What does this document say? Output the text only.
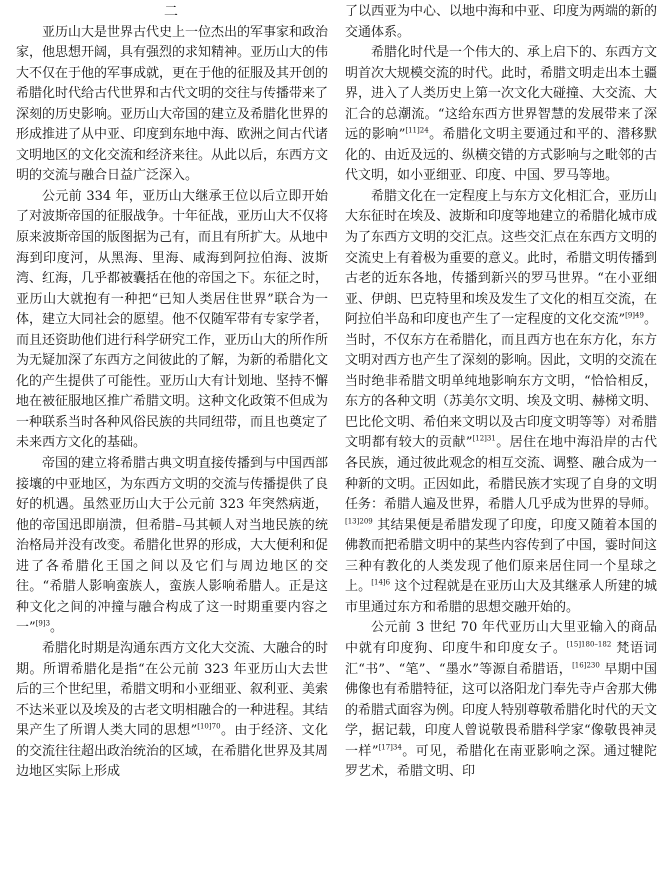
二

亚历山大是世界古代史上一位杰出的军事家和政治家，他思想开阔，具有强烈的求知精神。亚历山大的伟大不仅在于他的军事成就，更在于他的征服及其开创的希腊化时代给古代世界和古代文明的交往与传播带来了深刻的历史影响。亚历山大帝国的建立及希腊化世界的形成推进了从中亚、印度到东地中海、欧洲之间古代诸文明地区的文化交流和经济来往。从此以后，东西方文明的交流与融合日益广泛深入。

公元前 334 年，亚历山大继承王位以后立即开始了对波斯帝国的征服战争。十年征战，亚历山大不仅将原来波斯帝国的版图据为己有，而且有所扩大。从地中海到印度河，从黑海、里海、咸海到阿拉伯海、波斯湾、红海，几乎都被囊括在他的帝国之下。东征之时，亚历山大就抱有一种把“已知人类居住世界”联合为一体，建立大同社会的愿望。他不仅随军带有专家学者，而且还资助他们进行科学研究工作，亚历山大的所作所为无疑加深了东西方之间彼此的了解，为新的希腊化文化的产生提供了可能性。亚历山大有计划地、坚持不懈地在被征服地区推广希腊文明。这种文化政策不但成为一种联系当时各种风俗民族的共同纽带，而且也奠定了未来西方文化的基础。

帝国的建立将希腊古典文明直接传播到与中国西部接壤的中亚地区，为东西方文明的交流与传播提供了良好的机遇。虽然亚历山大于公元前 323 年突然病逝，他的帝国迅即崩溃，但希腊–马其顿人对当地民族的统治格局并没有改变。希腊化世界的形成，大大便利和促进了各希腊化王国之间以及它们与周边地区的交往。“希腊人影响蛮族人，蛮族人影响希腊人。正是这种文化之间的冲撞与融合构成了这一时期重要内容之一”$^{[9]3}$。

希腊化时期是沟通东西方文化大交流、大融合的时期。所谓希腊化是指“在公元前 323 年亚历山大去世后的三个世纪里，希腊文明和小亚细亚、叙利亚、美索不达米亚以及埃及的古老文明相融合的一种进程。其结果产生了所谓人类大同的思想”$^{[10]70}$。由于经济、文化的交流往往超出政治统治的区域，在希腊化世界及其周边地区实际上形成

了以西亚为中心、以地中海和中亚、印度为两端的新的交通体系。

希腊化时代是一个伟大的、承上启下的、东西方文明首次大规模交流的时代。此时，希腊文明走出本土疆界，进入了人类历史上第一次文化大碰撞、大交流、大汇合的总潮流。“这给东西方世界智慧的发展带来了深远的影响”$^{[11]24}$。希腊化文明主要通过和平的、潜移默化的、由近及远的、纵横交错的方式影响与之毗邻的古代文明，如小亚细亚、印度、中国、罗马等地。

希腊文化在一定程度上与东方文化相汇合，亚历山大东征时在埃及、波斯和印度等地建立的希腊化城市成为了东西方文明的交汇点。这些交汇点在东西方文明的交流史上有着极为重要的意义。此时，希腊文明传播到古老的近东各地，传播到新兴的罗马世界。“在小亚细亚、伊朗、巴克特里和埃及发生了文化的相互交流，在阿拉伯半岛和印度也产生了一定程度的文化交流”$^{[9]49}$。当时，不仅东方在希腊化，而且西方也在东方化，东方文明对西方也产生了深刻的影响。因此，文明的交流在当时绝非希腊文明单纯地影响东方文明，“恰恰相反，东方的各种文明（苏美尔文明、埃及文明、赫梯文明、巴比伦文明、希伯来文明以及古印度文明等等）对希腊文明都有较大的贡献”$^{[12]31}$。居住在地中海沿岸的古代各民族，通过彼此观念的相互交流、调整、融合成为一种新的文明。正因如此，希腊民族才实现了自身的文明任务：希腊人遍及世界，希腊人几乎成为世界的导师。$^{[13]209}$ 其结果便是希腊发现了印度，印度又随着本国的佛教而把希腊文明中的某些内容传到了中国，霎时间这三种有教化的人类发现了他们原来居住同一个星球之上。$^{[14]6}$ 这个过程就是在亚历山大及其继承人所建的城市里通过东方和希腊的思想交融开始的。

公元前 3 世纪 70 年代亚历山大里亚输入的商品中就有印度狗、印度牛和印度女子。$^{[15]180-182}$ 梵语词汇“书”、“笔”、“墨水”等源自希腊语，$^{[16]230}$ 早期中国佛像也有希腊特征，这可以洛阳龙门奉先寺卢舍那大佛的希腊式面容为例。印度人特别尊敬希腊化时代的天文学，据记载，印度人曾说敬畏希腊科学家“像敬畏神灵一样”$^{[17]34}$。可见，希腊化在南亚影响之深。通过犍陀罗艺术，希腊文明、印
